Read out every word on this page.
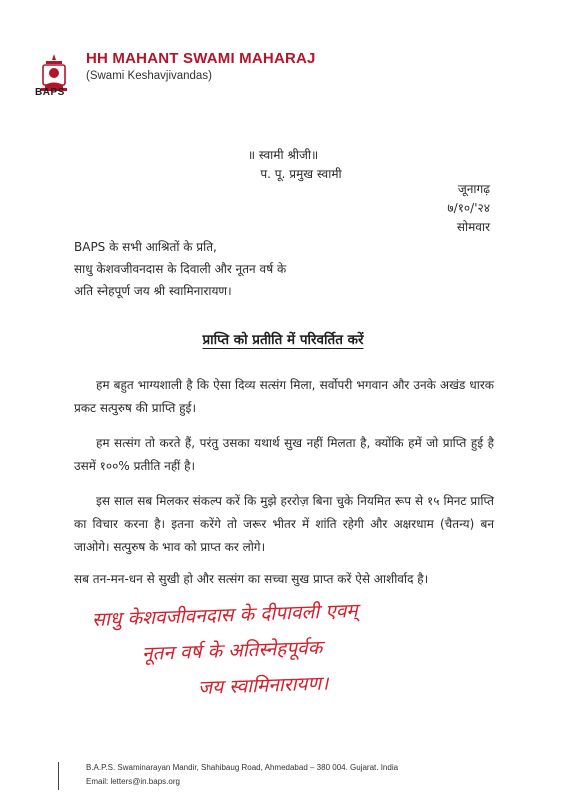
BAPS
HH MAHANT SWAMI MAHARAJ
(Swami Keshavjivandas)
॥ स्वामी श्रीजी॥
प. पू. प्रमुख स्वामी
जूनागढ़
७/१०/'२४
सोमवार
BAPS के सभी आश्रितों के प्रति,
साधु केशवजीवनदास के दिवाली और नूतन वर्ष के
अति स्नेहपूर्ण जय श्री स्वामिनारायण।
प्राप्ति को प्रतीति में परिवर्तित करें
हम बहुत भाग्यशाली है कि ऐसा दिव्य सत्संग मिला, सर्वोपरी भगवान और उनके अखंड धारक प्रकट सत्पुरुष की प्राप्ति हुई।
हम सत्संग तो करते हैं, परंतु उसका यथार्थ सुख नहीं मिलता है, क्योंकि हमें जो प्राप्ति हुई है उसमें १००% प्रतीति नहीं है।
इस साल सब मिलकर संकल्प करें कि मुझे हररोज़ बिना चुके नियमित रूप से १५ मिनट प्राप्ति का विचार करना है। इतना करेंगे तो जरूर भीतर में शांति रहेगी और अक्षरधाम (चैतन्य) बन जाओगे। सत्पुरुष के भाव को प्राप्त कर लोगे।
सब तन-मन-धन से सुखी हो और सत्संग का सच्चा सुख प्राप्त करें ऐसे आशीर्वाद है।
साधु केशवजीवनदास के दीपावली एवम्
नूतन वर्ष के अतिस्नेहपूर्वक
जय स्वामिनारायण।
B.A.P.S. Swaminarayan Mandir, Shahibaug Road, Ahmedabad – 380 004. Gujarat. India
Email: letters@in.baps.org
